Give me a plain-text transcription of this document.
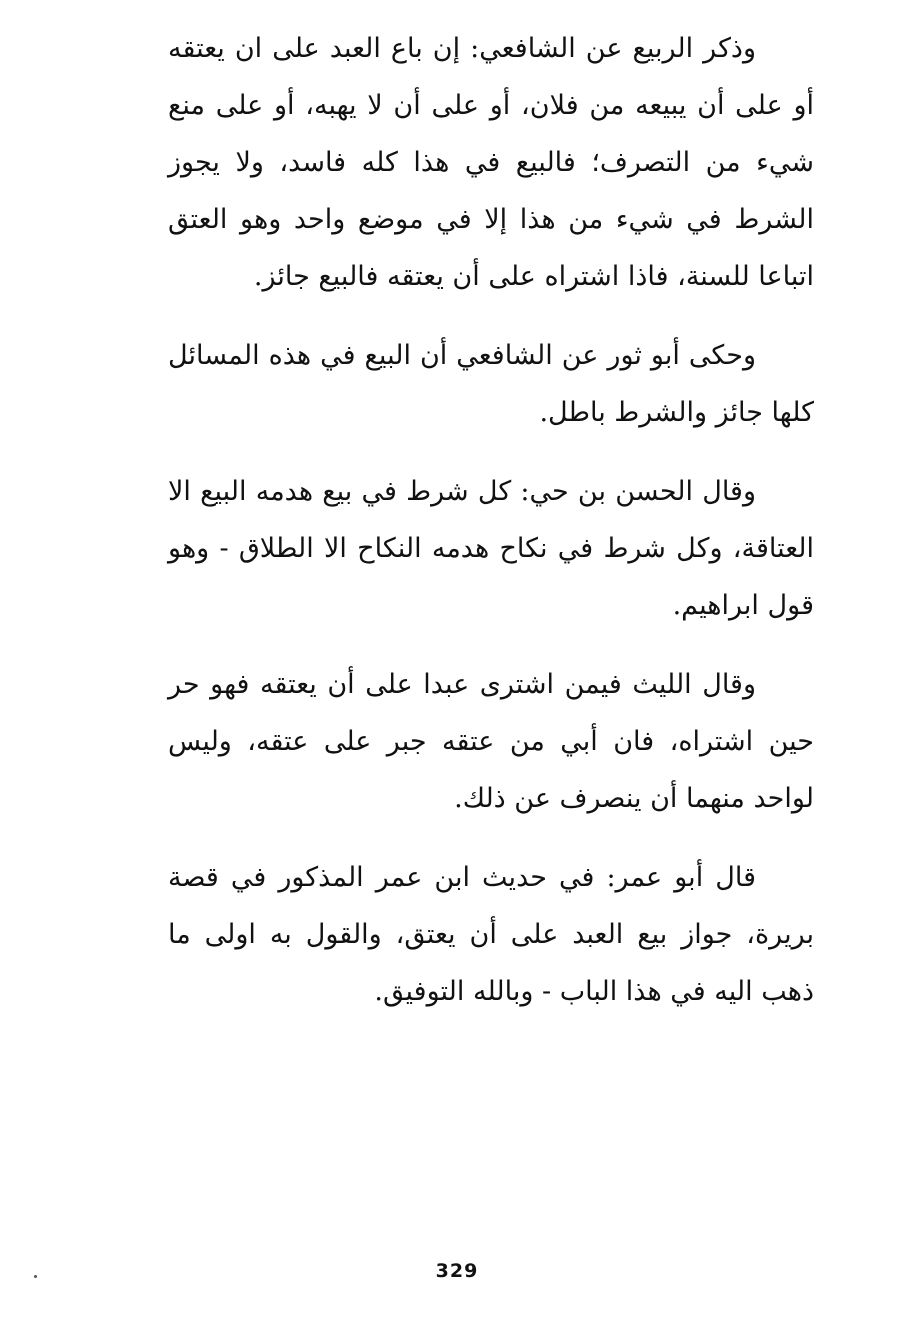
وذكر الربيع عن الشافعي: إن باع العبد على ان يعتقه أو على أن يبيعه من فلان، أو على أن لا يهبه، أو على منع شيء من التصرف؛ فالبيع في هذا كله فاسد، ولا يجوز الشرط في شيء من هذا إلا في موضع واحد وهو العتق اتباعا للسنة، فاذا اشتراه على أن يعتقه فالبيع جائز.

وحكى أبو ثور عن الشافعي أن البيع في هذه المسائل كلها جائز والشرط باطل.

وقال الحسن بن حي: كل شرط في بيع هدمه البيع الا العتاقة، وكل شرط في نكاح هدمه النكاح الا الطلاق - وهو قول ابراهيم.

وقال الليث فيمن اشترى عبدا على أن يعتقه فهو حر حين اشتراه، فان أبي من عتقه جبر على عتقه، وليس لواحد منهما أن ينصرف عن ذلك.

قال أبو عمر: في حديث ابن عمر المذكور في قصة بريرة، جواز بيع العبد على أن يعتق، والقول به اولى ما ذهب اليه في هذا الباب - وبالله التوفيق.

329
